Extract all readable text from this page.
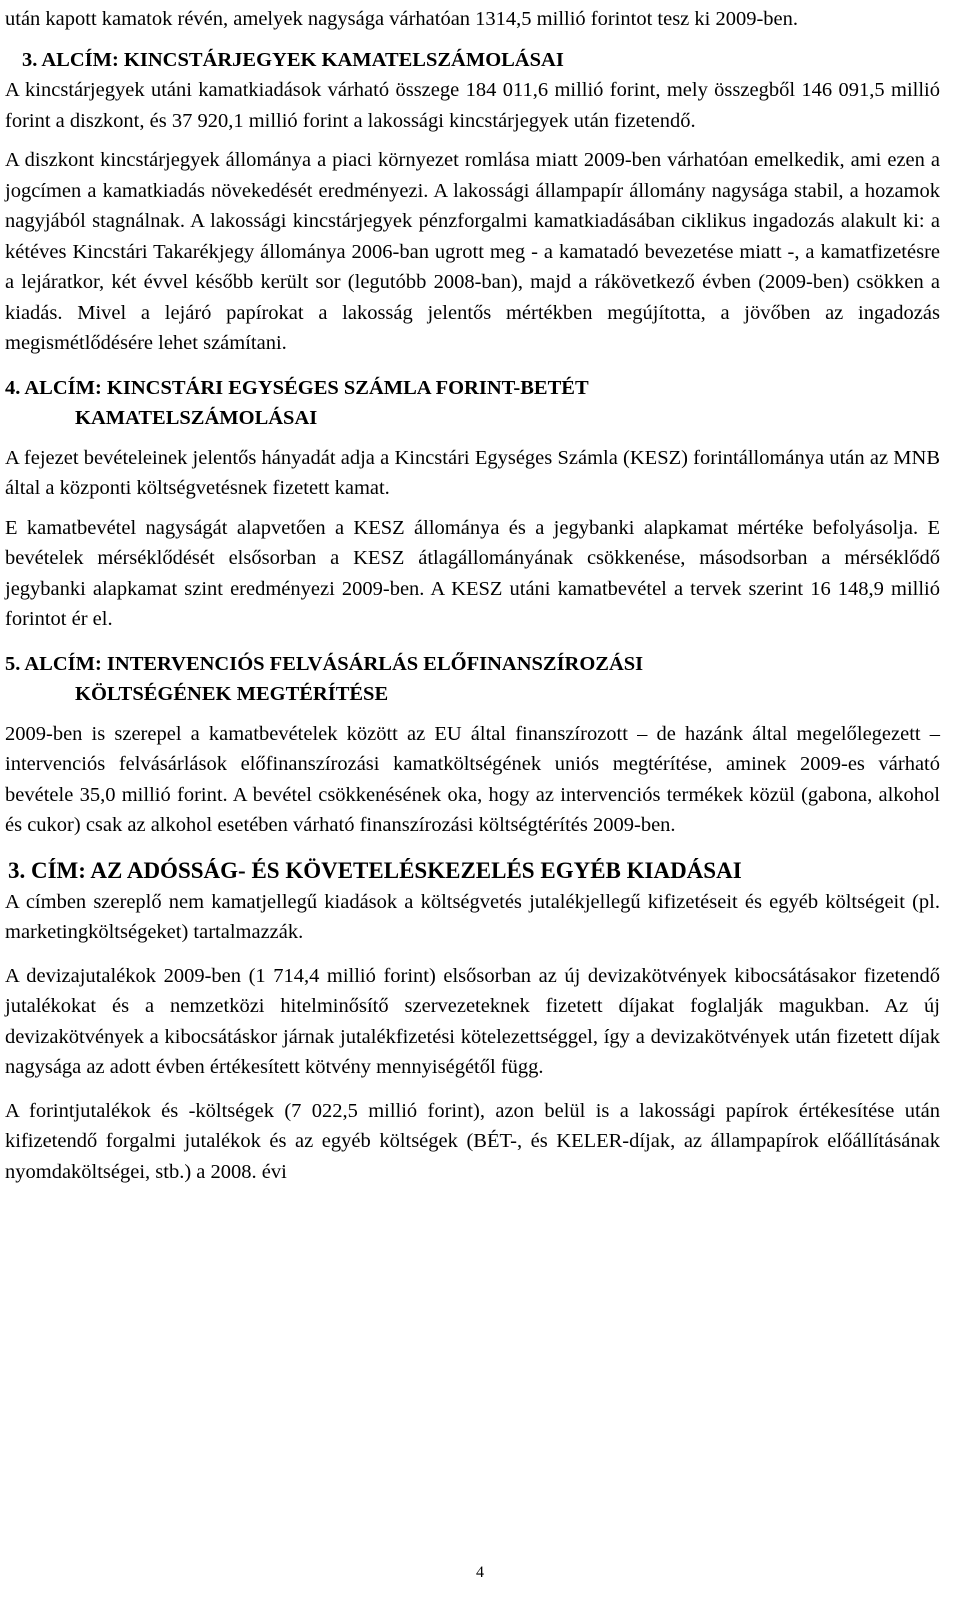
után kapott kamatok révén, amelyek nagysága várhatóan 1314,5 millió forintot tesz ki 2009-ben.

3. ALCÍM: KINCSTÁRJEGYEK KAMATELSZÁMOLÁSAI

A kincstárjegyek utáni kamatkiadások várható összege 184 011,6 millió forint, mely összegből 146 091,5 millió forint a diszkont, és 37 920,1 millió forint a lakossági kincstárjegyek után fizetendő.

A diszkont kincstárjegyek állománya a piaci környezet romlása miatt 2009-ben várhatóan emelkedik, ami ezen a jogcímen a kamatkiadás növekedését eredményezi. A lakossági állampapír állomány nagysága stabil, a hozamok nagyjából stagnálnak. A lakossági kincstárjegyek pénzforgalmi kamatkiadásában ciklikus ingadozás alakult ki: a kétéves Kincstári Takarékjegy állománya 2006-ban ugrott meg - a kamatadó bevezetése miatt -, a kamatfizetésre a lejáratkor, két évvel később került sor (legutóbb 2008-ban), majd a rákövetkező évben (2009-ben) csökken a kiadás. Mivel a lejáró papírokat a lakosság jelentős mértékben megújította, a jövőben az ingadozás megismétlődésére lehet számítani.

4. ALCÍM: KINCSTÁRI EGYSÉGES SZÁMLA FORINT-BETÉT
KAMATELSZÁMOLÁSAI

A fejezet bevételeinek jelentős hányadát adja a Kincstári Egységes Számla (KESZ) forintállománya után az MNB által a központi költségvetésnek fizetett kamat.

E kamatbevétel nagyságát alapvetően a KESZ állománya és a jegybanki alapkamat mértéke befolyásolja. E bevételek mérséklődését elsősorban a KESZ átlagállományának csökkenése, másodsorban a mérséklődő jegybanki alapkamat szint eredményezi 2009-ben. A KESZ utáni kamatbevétel a tervek szerint 16 148,9 millió forintot ér el.

5. ALCÍM: INTERVENCIÓS FELVÁSÁRLÁS ELŐFINANSZÍROZÁSI
KÖLTSÉGÉNEK MEGTÉRÍTÉSE

2009-ben is szerepel a kamatbevételek között az EU által finanszírozott – de hazánk által megelőlegezett – intervenciós felvásárlások előfinanszírozási kamatköltségének uniós megtérítése, aminek 2009-es várható bevétele 35,0 millió forint. A bevétel csökkenésének oka, hogy az intervenciós termékek közül (gabona, alkohol és cukor) csak az alkohol esetében várható finanszírozási költségtérítés 2009-ben.

3. CÍM: AZ ADÓSSÁG- ÉS KÖVETELÉSKEZELÉS EGYÉB KIADÁSAI

A címben szereplő nem kamatjellegű kiadások a költségvetés jutalékjellegű kifizetéseit és egyéb költségeit (pl. marketingköltségeket) tartalmazzák.

A devizajutalékok 2009-ben (1 714,4 millió forint) elsősorban az új devizakötvények kibocsátásakor fizetendő jutalékokat és a nemzetközi hitelminősítő szervezeteknek fizetett díjakat foglalják magukban. Az új devizakötvények a kibocsátáskor járnak jutalékfizetési kötelezettséggel, így a devizakötvények után fizetett díjak nagysága az adott évben értékesített kötvény mennyiségétől függ.

A forintjutalékok és -költségek (7 022,5 millió forint), azon belül is a lakossági papírok értékesítése után kifizetendő forgalmi jutalékok és az egyéb költségek (BÉT-, és KELER-díjak, az állampapírok előállításának nyomdaköltségei, stb.) a 2008. évi

4
